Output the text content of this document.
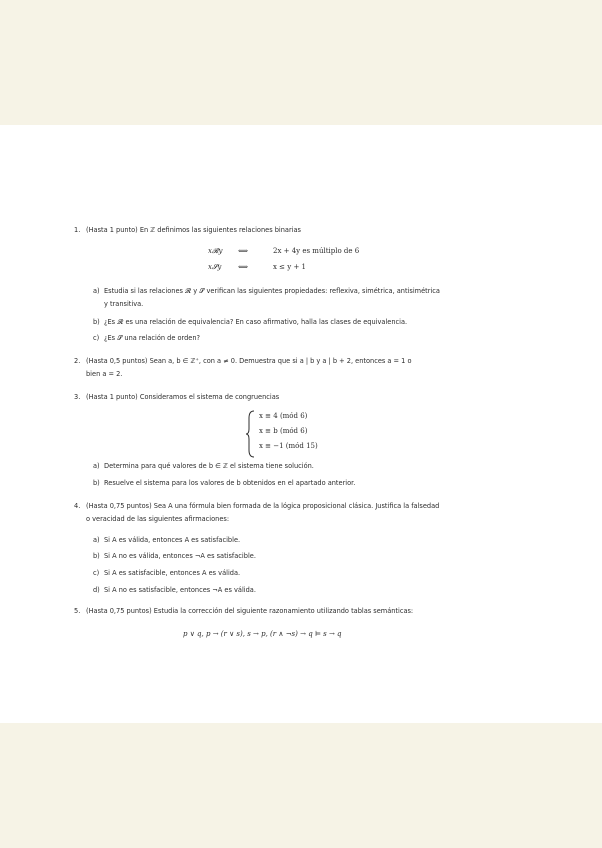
1. (Hasta 1 punto) En ℤ definimos las siguientes relaciones binarias
x𝓡y ⟺	2x + 4y es múltiplo de 6
x𝓢y ⟺	x ≤ y + 1
a) Estudia si las relaciones 𝓡 y 𝓢 verifican las siguientes propiedades: reflexiva, simétrica, antisimétrica
y transitiva.
b) ¿Es 𝓡 es una relación de equivalencia? En caso afirmativo, halla las clases de equivalencia.
c) ¿Es 𝓢 una relación de orden?
2. (Hasta 0,5 puntos) Sean a, b ∈ ℤ⁺, con a ≠ 0. Demuestra que si a | b y a | b + 2, entonces a = 1 o
bien a = 2.
3. (Hasta 1 punto) Consideramos el sistema de congruencias
x ≡ 4 (mód 6)
x ≡ b (mód 6)
x ≡ −1 (mód 15)
a) Determina para qué valores de b ∈ ℤ el sistema tiene solución.
b) Resuelve el sistema para los valores de b obtenidos en el apartado anterior.
4. (Hasta 0,75 puntos) Sea A una fórmula bien formada de la lógica proposicional clásica. Justifica la falsedad
o veracidad de las siguientes afirmaciones:
a) Si A es válida, entonces A es satisfacible.
b) Si A no es válida, entonces ¬A es satisfacible.
c) Si A es satisfacible, entonces A es válida.
d) Si A no es satisfacible, entonces ¬A es válida.
5. (Hasta 0,75 puntos) Estudia la corrección del siguiente razonamiento utilizando tablas semánticas:
p ∨ q, p → (r ∨ s), s → p, (r ∧ ¬s) → q ⊨ s → q
